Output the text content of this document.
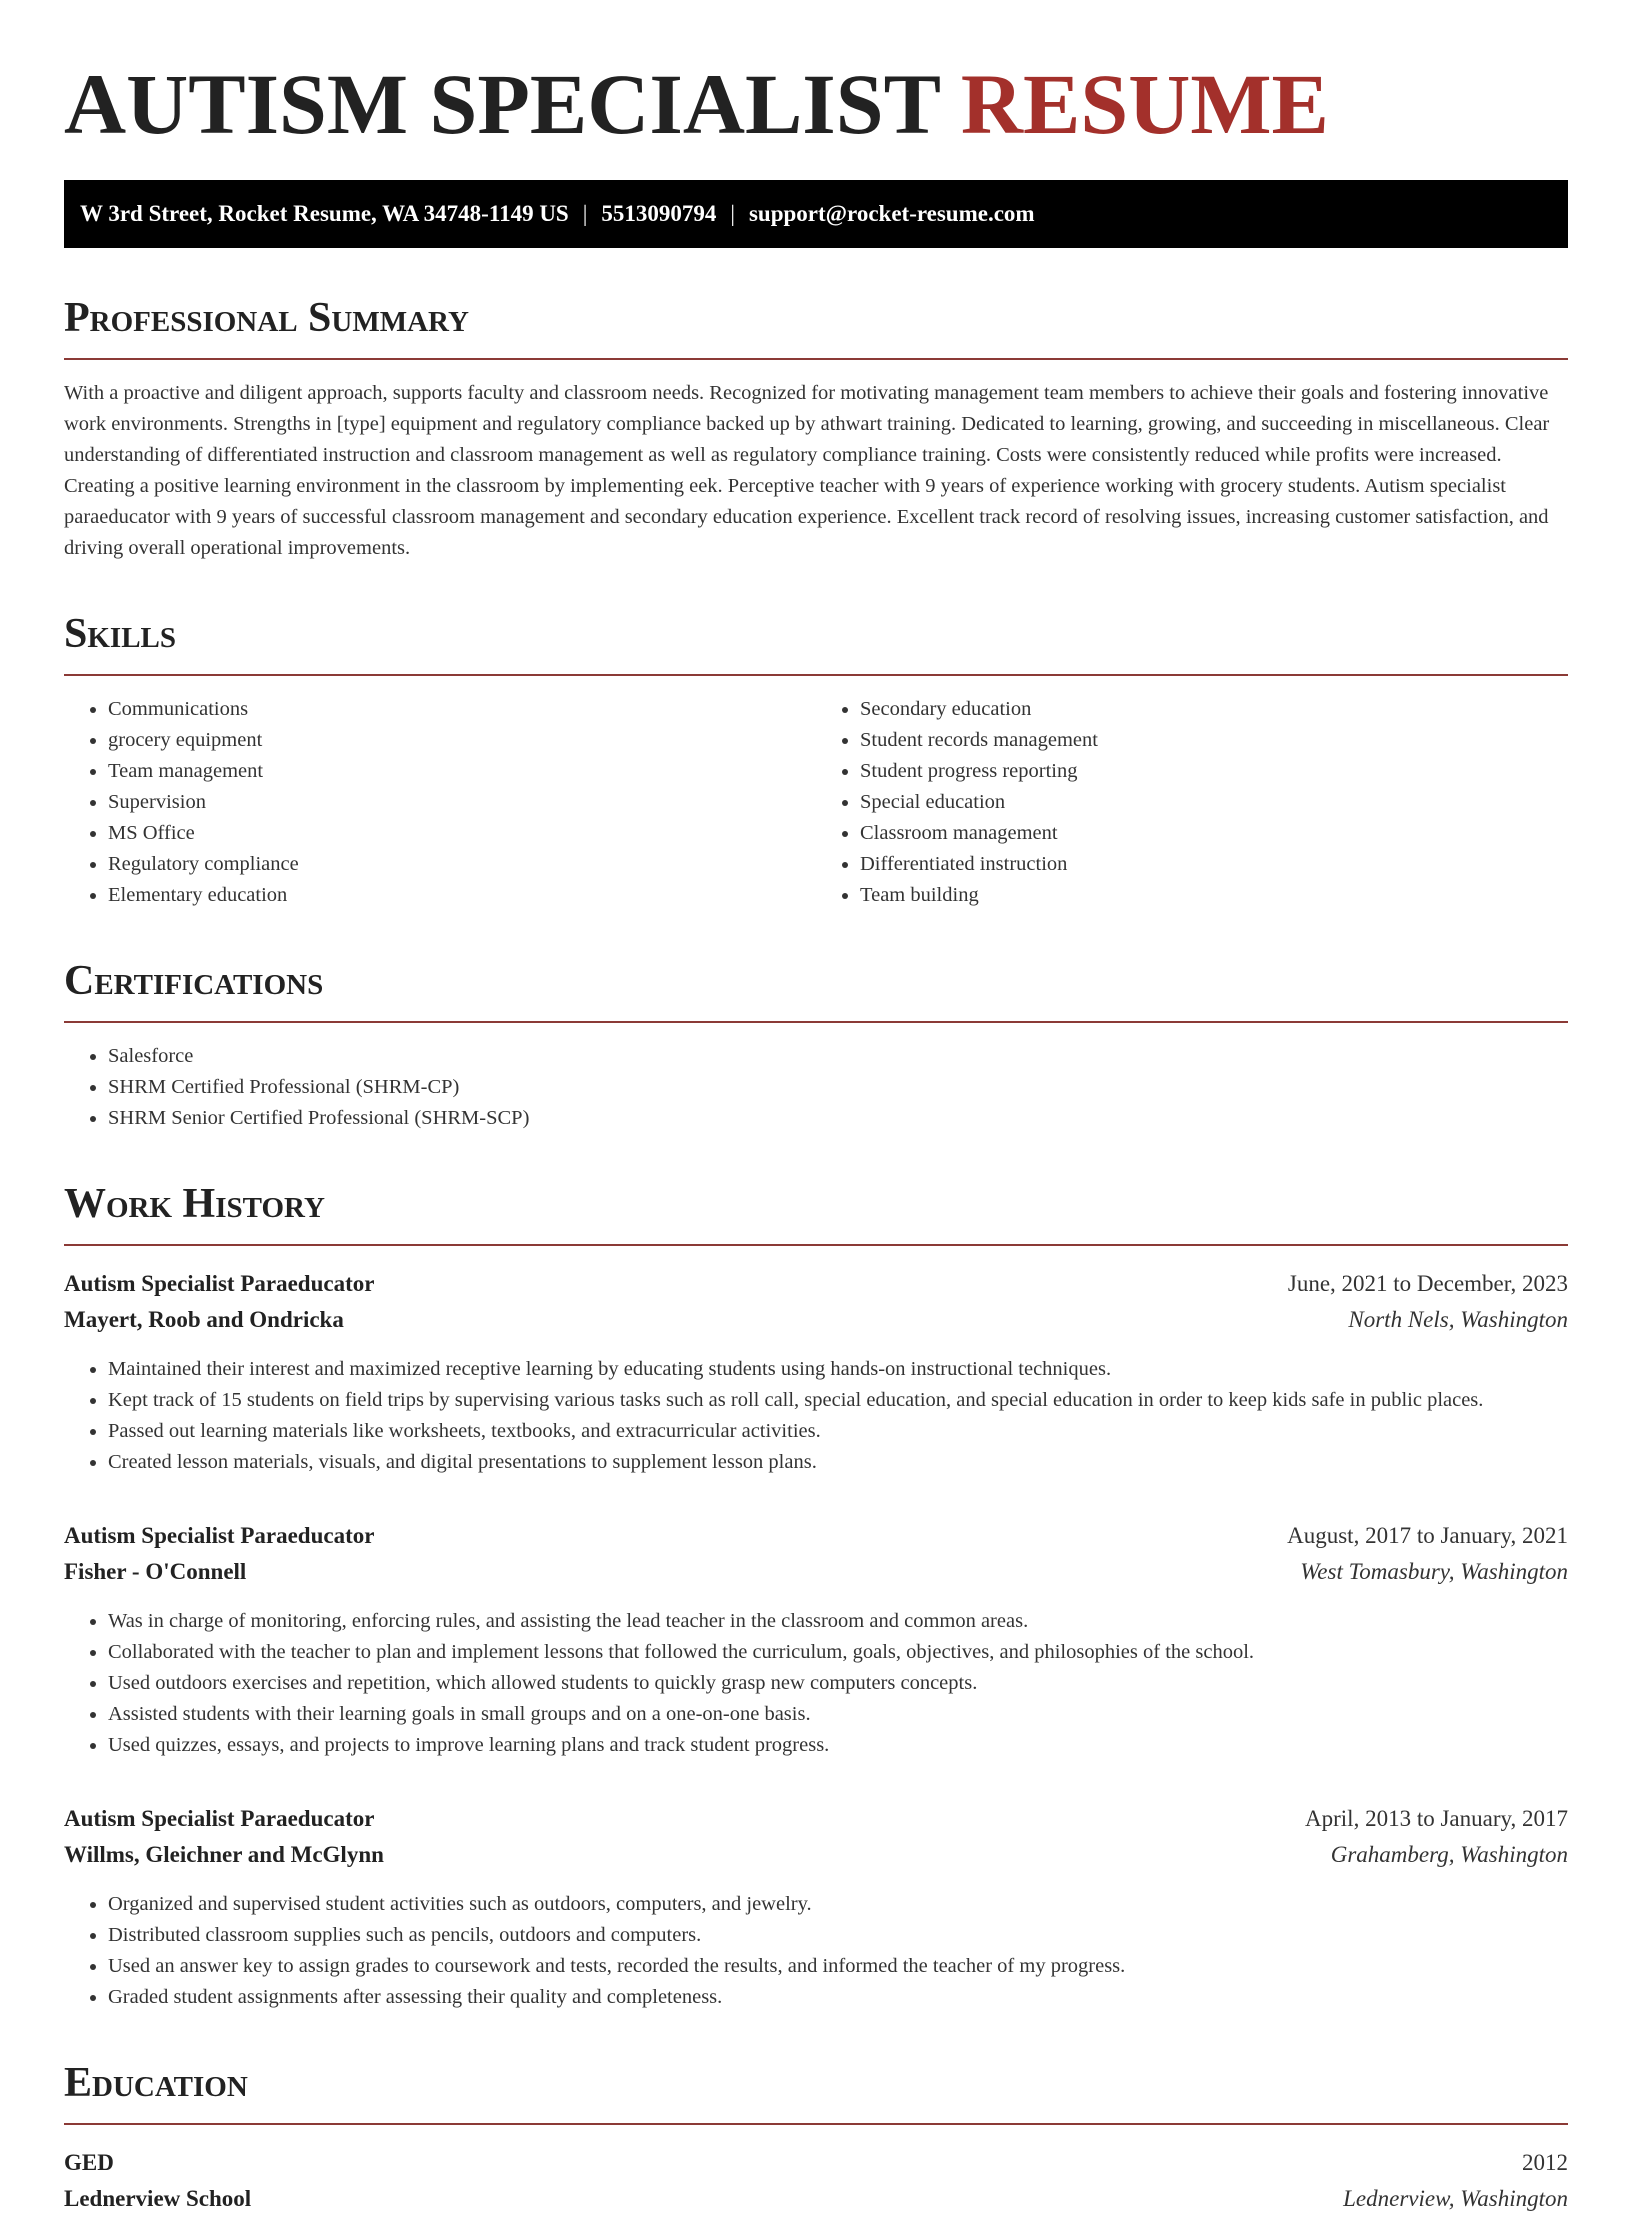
AUTISM SPECIALIST RESUME
W 3rd Street, Rocket Resume, WA 34748-1149 US | 5513090794 | support@rocket-resume.com
Professional Summary

With a proactive and diligent approach, supports faculty and classroom needs. Recognized for motivating management team members to achieve their goals and fostering innovative work environments. Strengths in [type] equipment and regulatory compliance backed up by athwart training. Dedicated to learning, growing, and succeeding in miscellaneous. Clear understanding of differentiated instruction and classroom management as well as regulatory compliance training. Costs were consistently reduced while profits were increased. Creating a positive learning environment in the classroom by implementing eek. Perceptive teacher with 9 years of experience working with grocery students. Autism specialist paraeducator with 9 years of successful classroom management and secondary education experience. Excellent track record of resolving issues, increasing customer satisfaction, and driving overall operational improvements.

Skills
• Communications
• grocery equipment
• Team management
• Supervision
• MS Office
• Regulatory compliance
• Elementary education
• Secondary education
• Student records management
• Student progress reporting
• Special education
• Classroom management
• Differentiated instruction
• Team building
Certifications
• Salesforce
• SHRM Certified Professional (SHRM-CP)
• SHRM Senior Certified Professional (SHRM-SCP)
Work History
Autism Specialist Paraeducator	June, 2021 to December, 2023
Mayert, Roob and Ondricka	North Nels, Washington
• Maintained their interest and maximized receptive learning by educating students using hands-on instructional techniques.
• Kept track of 15 students on field trips by supervising various tasks such as roll call, special education, and special education in order to keep kids safe in public places.
• Passed out learning materials like worksheets, textbooks, and extracurricular activities.
• Created lesson materials, visuals, and digital presentations to supplement lesson plans.
Autism Specialist Paraeducator	August, 2017 to January, 2021
Fisher - O'Connell	West Tomasbury, Washington
• Was in charge of monitoring, enforcing rules, and assisting the lead teacher in the classroom and common areas.
• Collaborated with the teacher to plan and implement lessons that followed the curriculum, goals, objectives, and philosophies of the school.
• Used outdoors exercises and repetition, which allowed students to quickly grasp new computers concepts.
• Assisted students with their learning goals in small groups and on a one-on-one basis.
• Used quizzes, essays, and projects to improve learning plans and track student progress.
Autism Specialist Paraeducator	April, 2013 to January, 2017
Willms, Gleichner and McGlynn	Grahamberg, Washington
• Organized and supervised student activities such as outdoors, computers, and jewelry.
• Distributed classroom supplies such as pencils, outdoors and computers.
• Used an answer key to assign grades to coursework and tests, recorded the results, and informed the teacher of my progress.
• Graded student assignments after assessing their quality and completeness.
Education
GED	2012
Lednerview School	Lednerview, Washington
